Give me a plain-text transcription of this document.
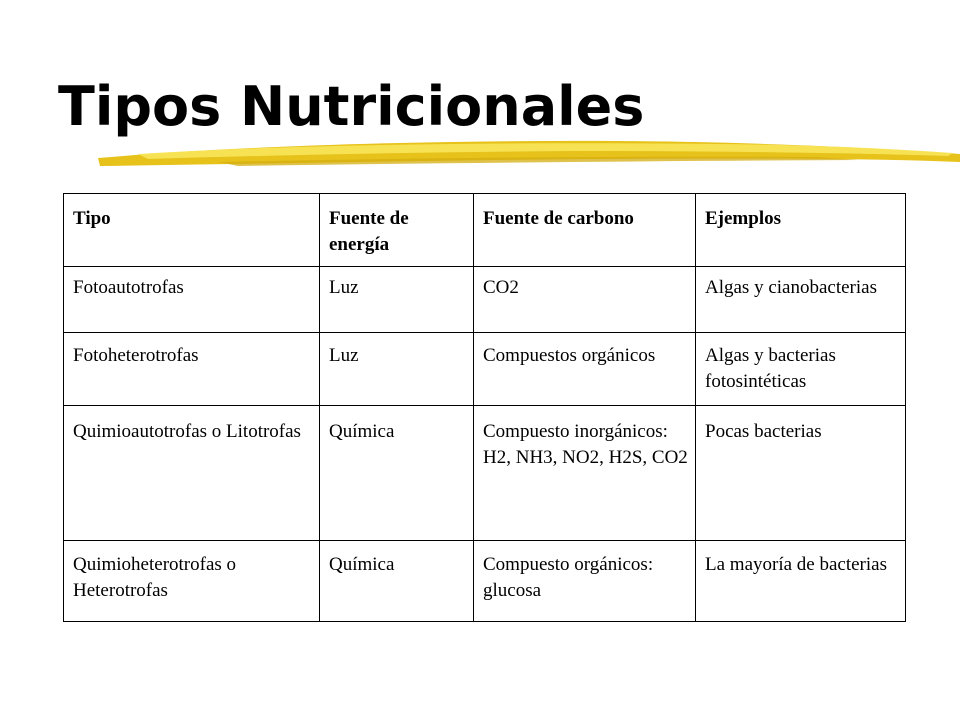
Tipos Nutricionales
Tipo	Fuente de energía	Fuente de carbono	Ejemplos
Fotoautotrofas	Luz	CO2	Algas y cianobacterias
Fotoheterotrofas	Luz	Compuestos orgánicos	Algas y bacterias fotosintéticas
Quimioautotrofas o Litotrofas	Química	Compuesto inorgánicos: H2, NH3, NO2, H2S, CO2	Pocas bacterias
Quimioheterotrofas o Heterotrofas	Química	Compuesto orgánicos: glucosa	La mayoría de bacterias
